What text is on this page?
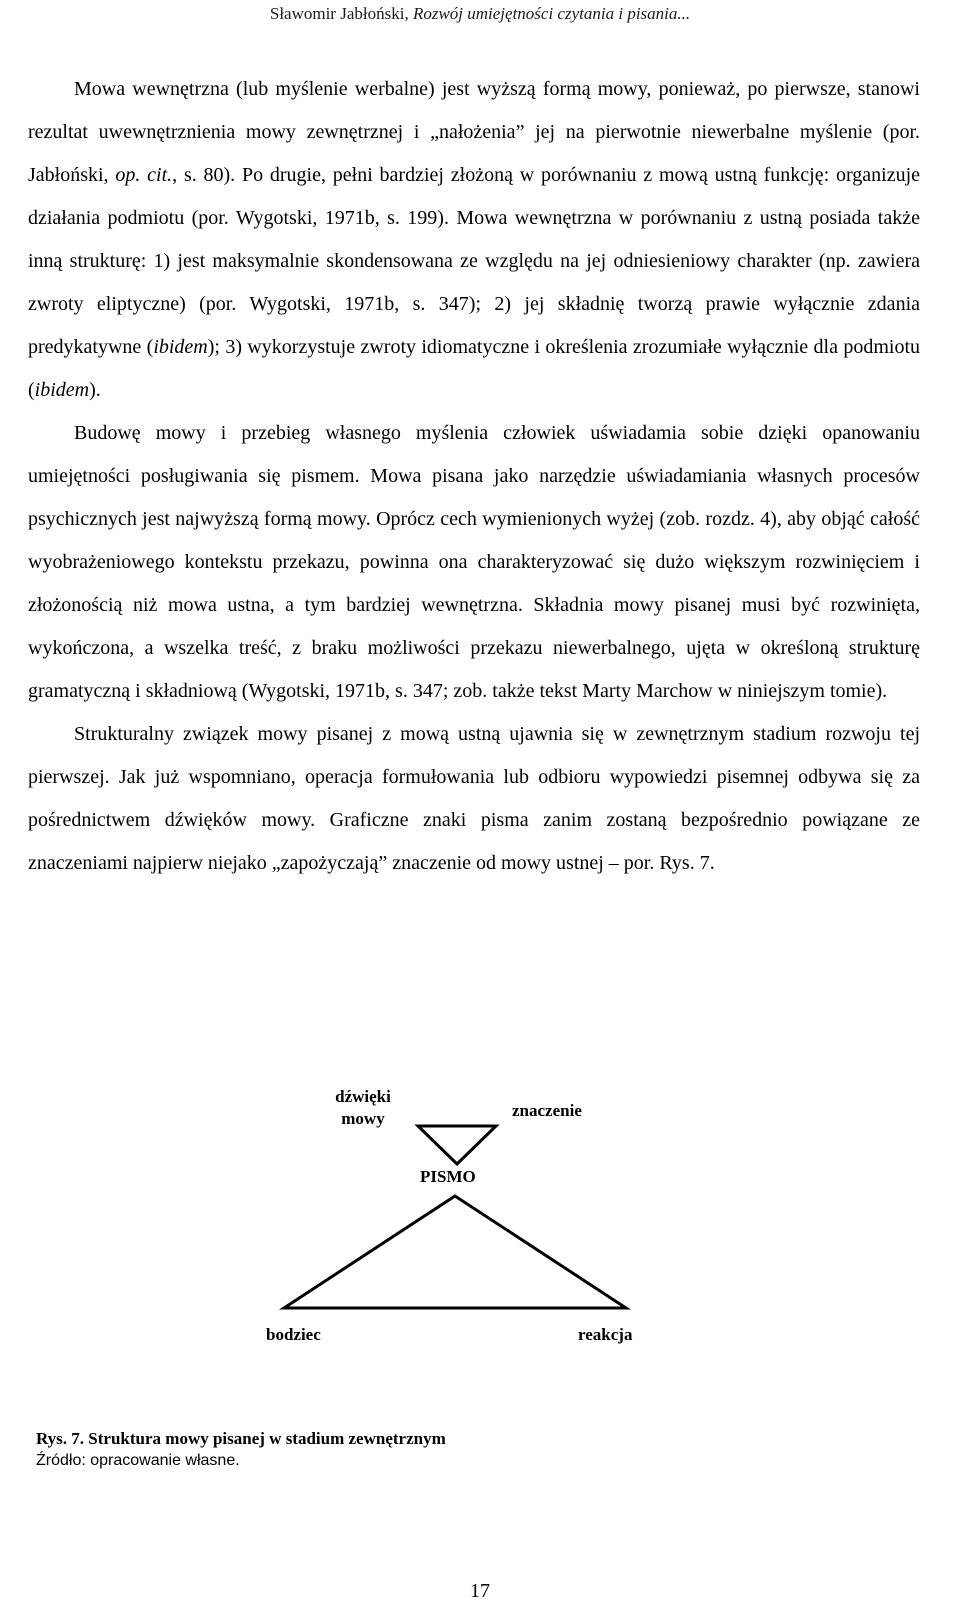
Sławomir Jabłoński, Rozwój umiejętności czytania i pisania...

Mowa wewnętrzna (lub myślenie werbalne) jest wyższą formą mowy, ponieważ, po pierwsze, stanowi rezultat uwewnętrznienia mowy zewnętrznej i „nałożenia” jej na pierwotnie niewerbalne myślenie (por. Jabłoński, op. cit., s. 80). Po drugie, pełni bardziej złożoną w porównaniu z mową ustną funkcję: organizuje działania podmiotu (por. Wygotski, 1971b, s. 199). Mowa wewnętrzna w porównaniu z ustną posiada także inną strukturę: 1) jest maksymalnie skondensowana ze względu na jej odniesieniowy charakter (np. zawiera zwroty eliptyczne) (por. Wygotski, 1971b, s. 347); 2) jej składnię tworzą prawie wyłącznie zdania predykatywne (ibidem); 3) wykorzystuje zwroty idiomatyczne i określenia zrozumiałe wyłącznie dla podmiotu (ibidem).

Budowę mowy i przebieg własnego myślenia człowiek uświadamia sobie dzięki opanowaniu umiejętności posługiwania się pismem. Mowa pisana jako narzędzie uświadamiania własnych procesów psychicznych jest najwyższą formą mowy. Oprócz cech wymienionych wyżej (zob. rozdz. 4), aby objąć całość wyobrażeniowego kontekstu przekazu, powinna ona charakteryzować się dużo większym rozwinięciem i złożonością niż mowa ustna, a tym bardziej wewnętrzna. Składnia mowy pisanej musi być rozwinięta, wykończona, a wszelka treść, z braku możliwości przekazu niewerbalnego, ujęta w określoną strukturę gramatyczną i składniową (Wygotski, 1971b, s. 347; zob. także tekst Marty Marchow w niniejszym tomie).

Strukturalny związek mowy pisanej z mową ustną ujawnia się w zewnętrznym stadium rozwoju tej pierwszej. Jak już wspomniano, operacja formułowania lub odbioru wypowiedzi pisemnej odbywa się za pośrednictwem dźwięków mowy. Graficzne znaki pisma zanim zostaną bezpośrednio powiązane ze znaczeniami najpierw niejako „zapożyczają” znaczenie od mowy ustnej – por. Rys. 7.

dźwięki
mowy	znaczenie
PISMO
bodziec	reakcja
Rys. 7. Struktura mowy pisanej w stadium zewnętrznym
Źródło: opracowanie własne.
17
